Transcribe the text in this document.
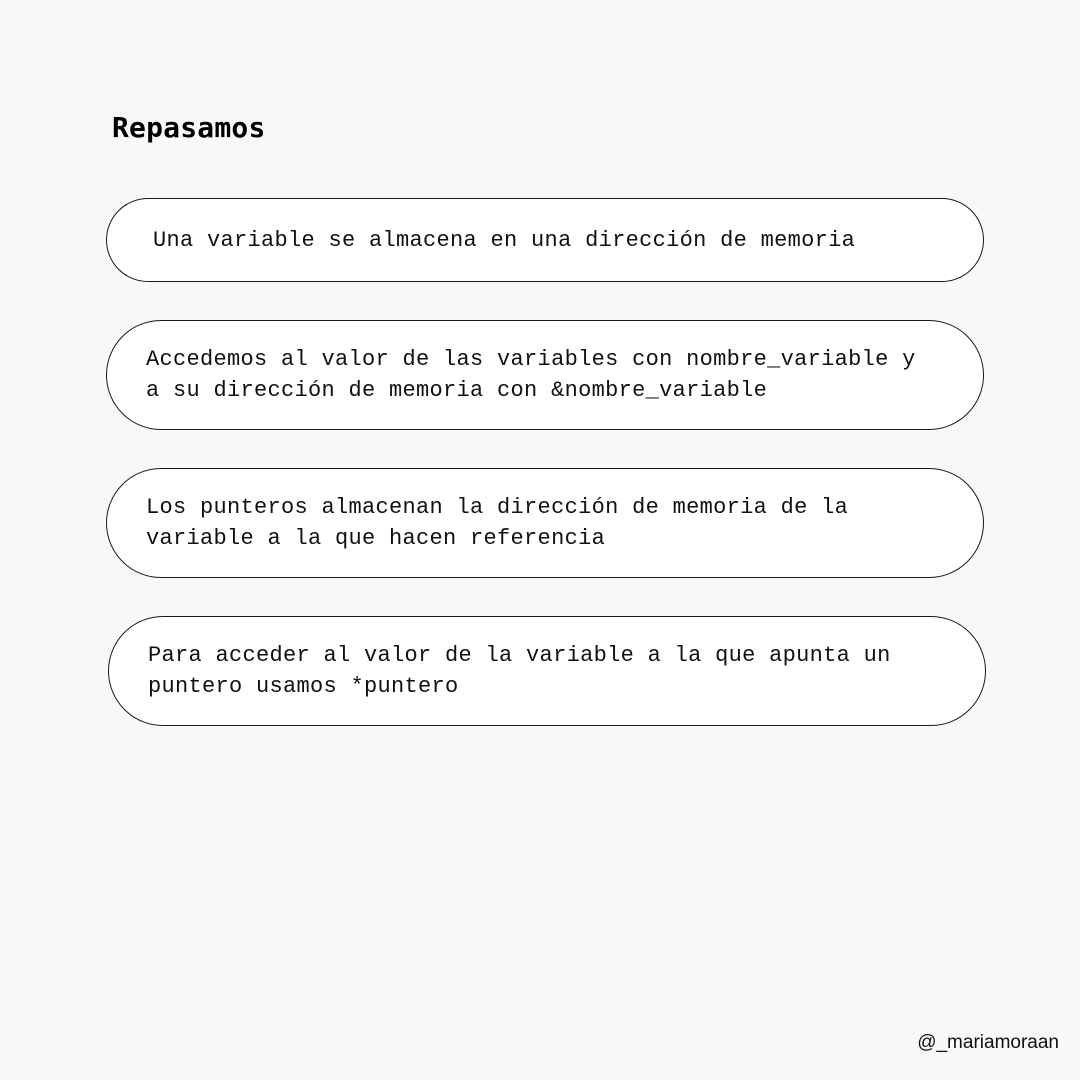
Repasamos

Una variable se almacena en una dirección de memoria

Accedemos al valor de las variables con nombre_variable y
a su dirección de memoria con &nombre_variable

Los punteros almacenan la dirección de memoria de la
variable a la que hacen referencia

Para acceder al valor de la variable a la que apunta un
puntero usamos *puntero

@_mariamoraan
